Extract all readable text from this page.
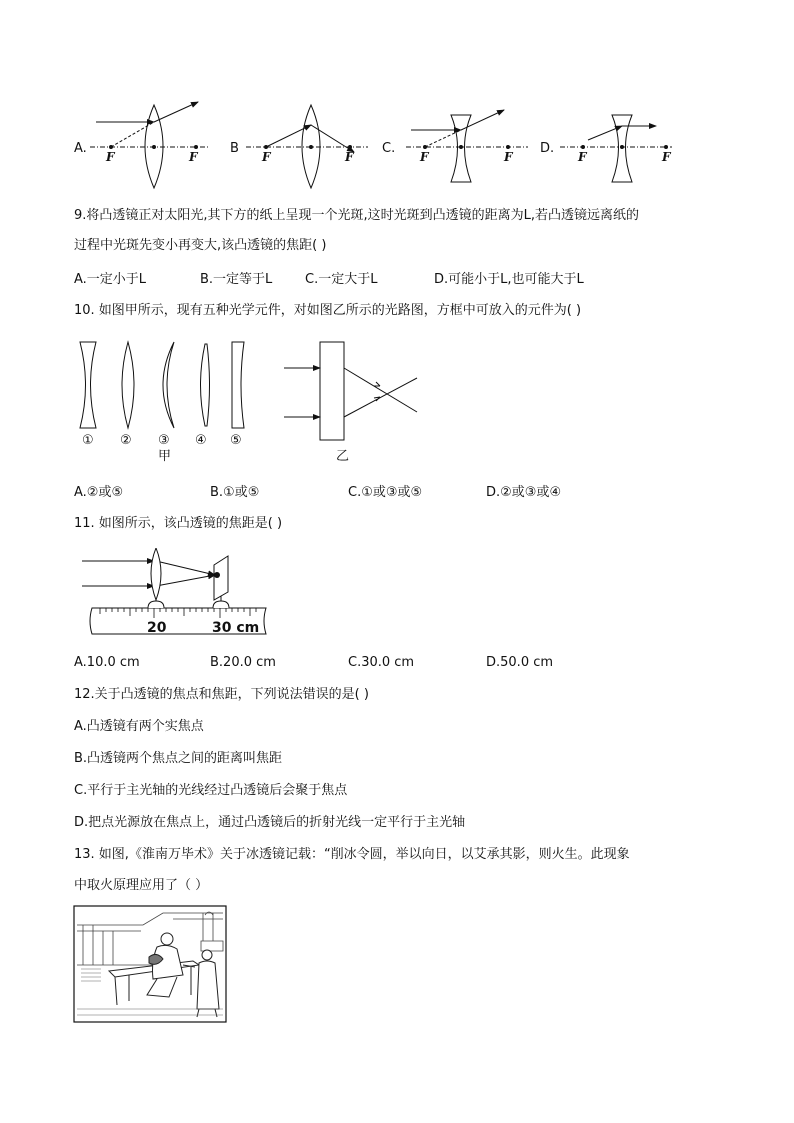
A.	B	C.	D.
F	F	F	F	F	F	F	F
9.将凸透镜正对太阳光,其下方的纸上呈现一个光斑,这时光斑到凸透镜的距离为L,若凸透镜远离纸的
过程中光斑先变小再变大,该凸透镜的焦距( )
A.一定小于L	B.一定等于L	C.一定大于L	D.可能小于L,也可能大于L
10. 如图甲所示，现有五种光学元件，对如图乙所示的光路图，方框中可放入的元件为( )
① ② ③ ④ ⑤
甲	乙
A.②或⑤	B.①或⑤	C.①或③或⑤	D.②或③或④
11. 如图所示，该凸透镜的焦距是( )
20	30 cm
A.10.0 cm	B.20.0 cm	C.30.0 cm	D.50.0 cm
12.关于凸透镜的焦点和焦距，下列说法错误的是( )
A.凸透镜有两个实焦点
B.凸透镜两个焦点之间的距离叫焦距
C.平行于主光轴的光线经过凸透镜后会聚于焦点
D.把点光源放在焦点上，通过凸透镜后的折射光线一定平行于主光轴
13. 如图,《淮南万毕术》关于冰透镜记载：“削冰令圆，举以向日，以艾承其影，则火生。此现象
中取火原理应用了（ ）
